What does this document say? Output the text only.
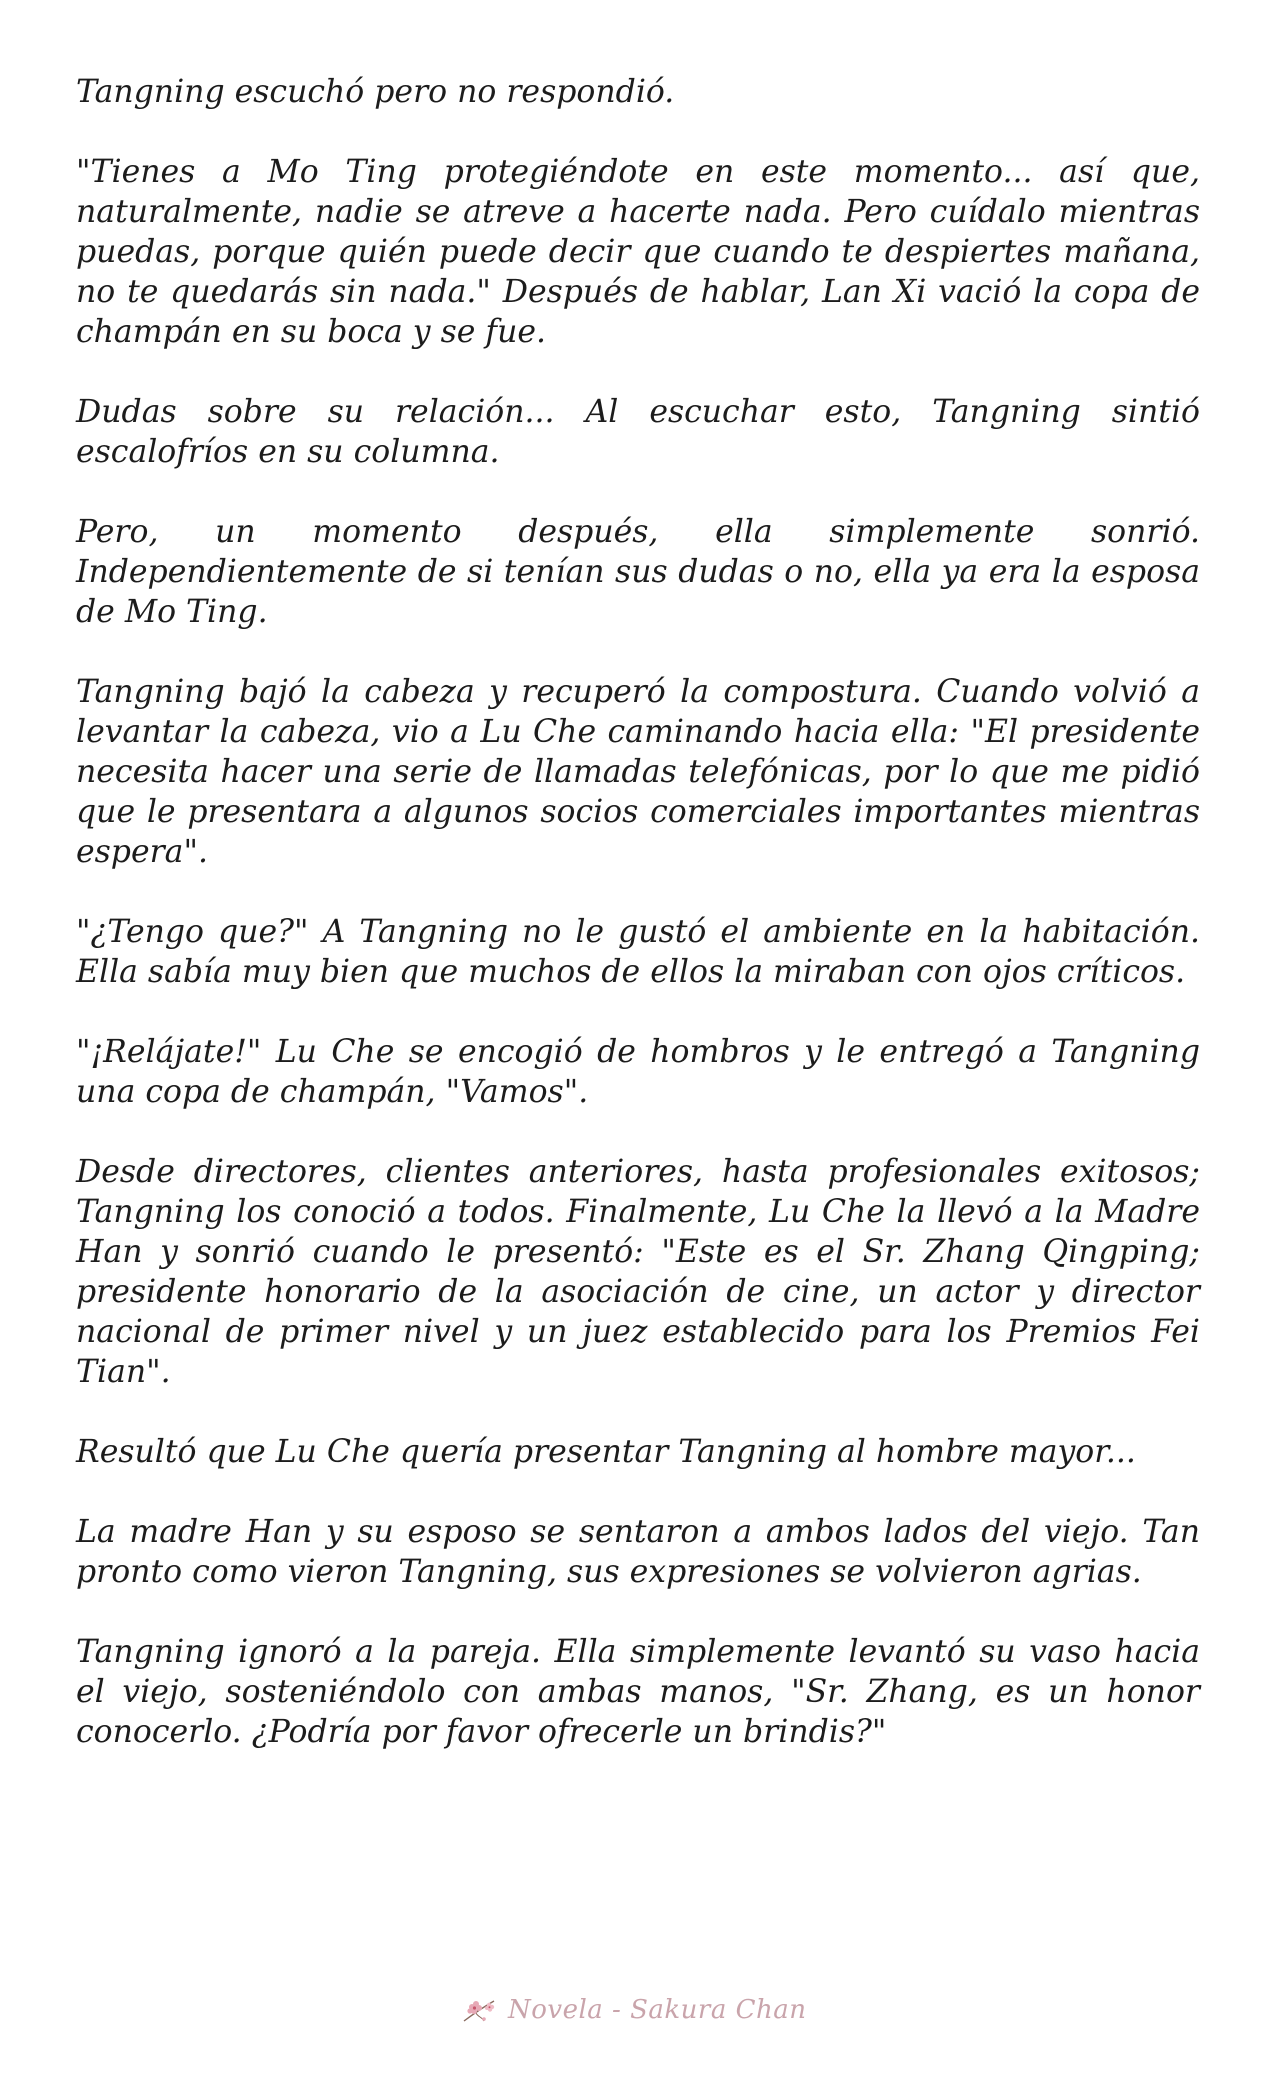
Tangning escuchó pero no respondió.

"Tienes a Mo Ting protegiéndote en este momento... así que, naturalmente, nadie se atreve a hacerte nada. Pero cuídalo mientras puedas, porque quién puede decir que cuando te despiertes mañana, no te quedarás sin nada." Después de hablar, Lan Xi vació la copa de champán en su boca y se fue.

Dudas sobre su relación... Al escuchar esto, Tangning sintió escalofríos en su columna.

Pero, un momento después, ella simplemente sonrió. Independientemente de si tenían sus dudas o no, ella ya era la esposa de Mo Ting.

Tangning bajó la cabeza y recuperó la compostura. Cuando volvió a levantar la cabeza, vio a Lu Che caminando hacia ella: "El presidente necesita hacer una serie de llamadas telefónicas, por lo que me pidió que le presentara a algunos socios comerciales importantes mientras espera".

"¿Tengo que?" A Tangning no le gustó el ambiente en la habitación. Ella sabía muy bien que muchos de ellos la miraban con ojos críticos.

"¡Relájate!" Lu Che se encogió de hombros y le entregó a Tangning una copa de champán, "Vamos".

Desde directores, clientes anteriores, hasta profesionales exitosos; Tangning los conoció a todos. Finalmente, Lu Che la llevó a la Madre Han y sonrió cuando le presentó: "Este es el Sr. Zhang Qingping; presidente honorario de la asociación de cine, un actor y director nacional de primer nivel y un juez establecido para los Premios Fei Tian".

Resultó que Lu Che quería presentar Tangning al hombre mayor...

La madre Han y su esposo se sentaron a ambos lados del viejo. Tan pronto como vieron Tangning, sus expresiones se volvieron agrias.

Tangning ignoró a la pareja. Ella simplemente levantó su vaso hacia el viejo, sosteniéndolo con ambas manos, "Sr. Zhang, es un honor conocerlo. ¿Podría por favor ofrecerle un brindis?"

Novela - Sakura Chan
